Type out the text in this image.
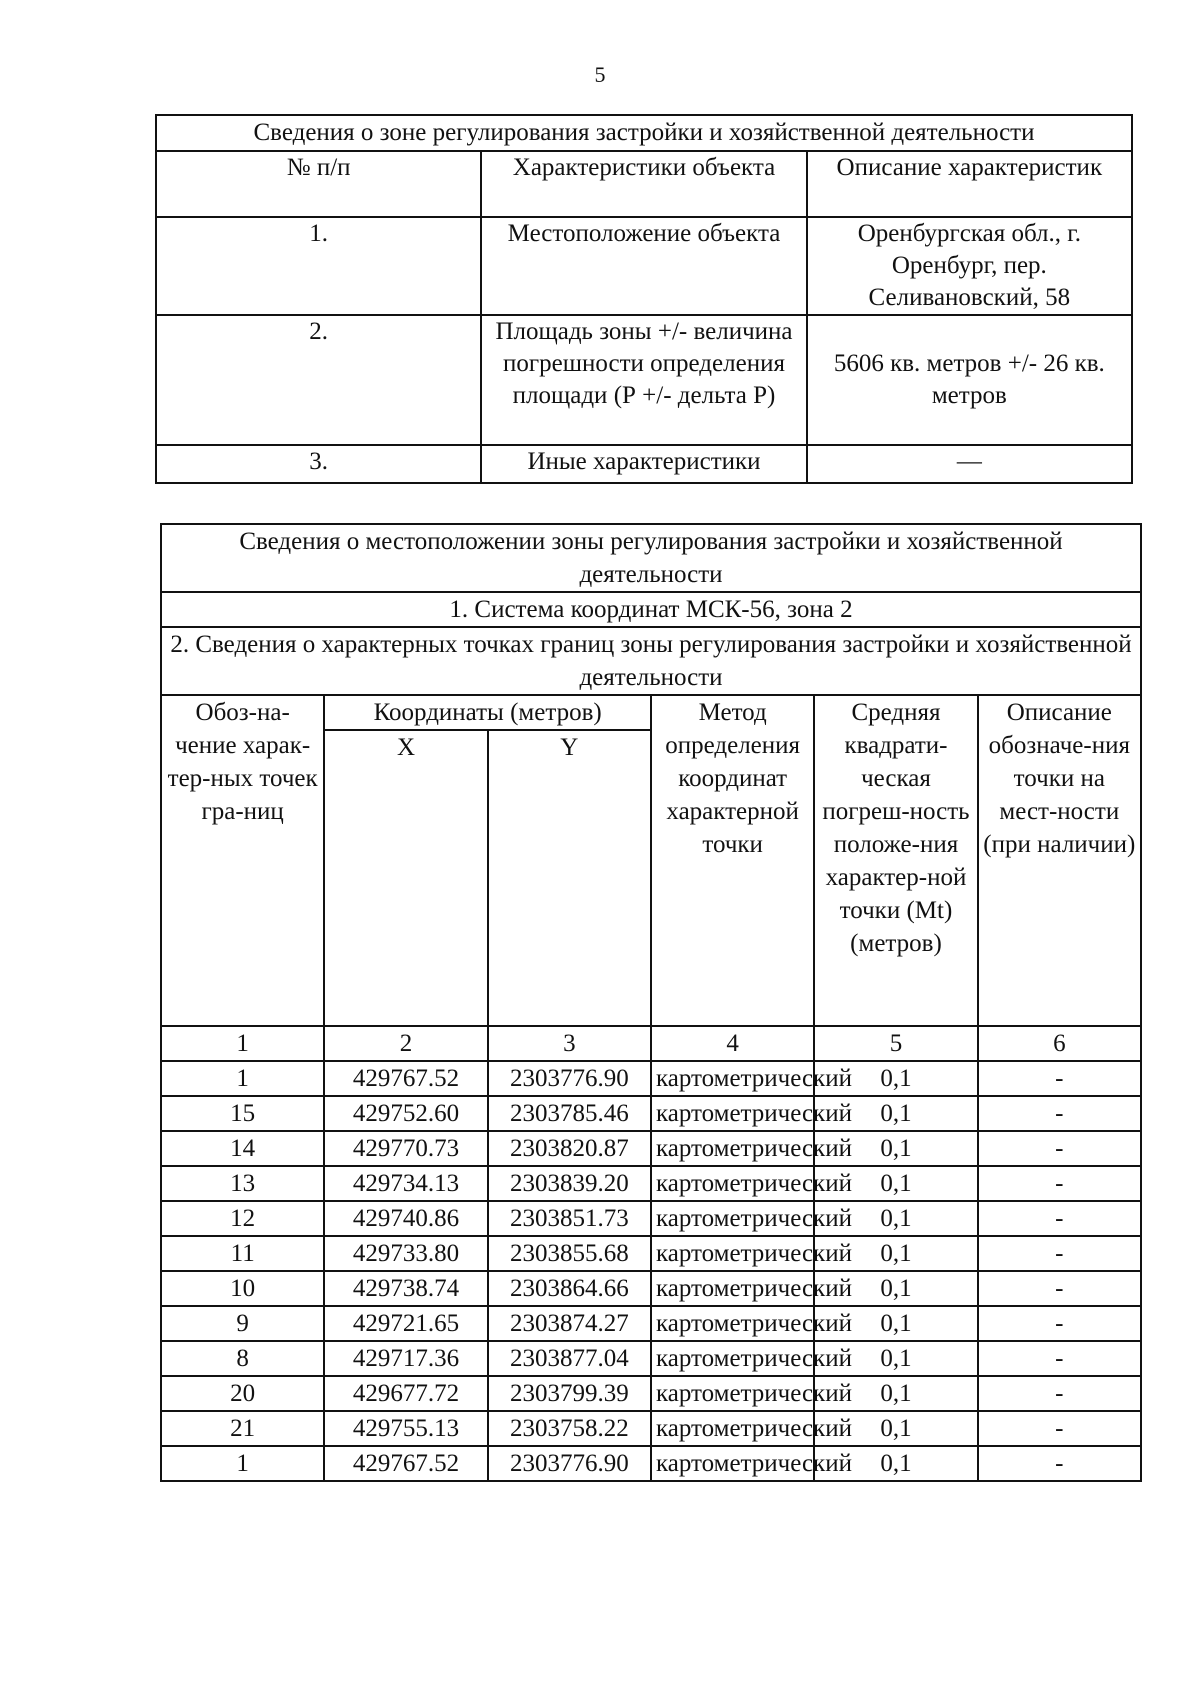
5
Сведения о зоне регулирования застройки и хозяйственной деятельности		
№ п/п	Характеристики объекта	Описание характеристик
1.	Местоположение объекта	Оренбургская обл., г. Оренбург, пер. Селивановский, 58
2.	Площадь зоны +/- величина погрешности определения площади (Р +/- дельта Р)	5606 кв. метров +/- 26 кв. метров
3.	Иные характеристики	—
Сведения о местоположении зоны регулирования застройки и хозяйственной деятельности					
1. Система координат МСК-56, зона 2					
2. Сведения о характерных точках границ зоны регулирования застройки и хозяйственной деятельности					
Обоз-на-чение харак-тер-ных точек гра-ниц	Координаты (метров)		Метод определения координат характерной точки	Средняя квадрати-ческая погреш-ность положе-ния характер-ной точки (Mt) (метров)	Описание обозначе-ния точки на мест-ности (при наличии)
	X	Y			
1	2	3	4	5	6
1	429767.52	2303776.90	картометрический	0,1	-
15	429752.60	2303785.46	картометрический	0,1	-
14	429770.73	2303820.87	картометрический	0,1	-
13	429734.13	2303839.20	картометрический	0,1	-
12	429740.86	2303851.73	картометрический	0,1	-
11	429733.80	2303855.68	картометрический	0,1	-
10	429738.74	2303864.66	картометрический	0,1	-
9	429721.65	2303874.27	картометрический	0,1	-
8	429717.36	2303877.04	картометрический	0,1	-
20	429677.72	2303799.39	картометрический	0,1	-
21	429755.13	2303758.22	картометрический	0,1	-
1	429767.52	2303776.90	картометрический	0,1	-
